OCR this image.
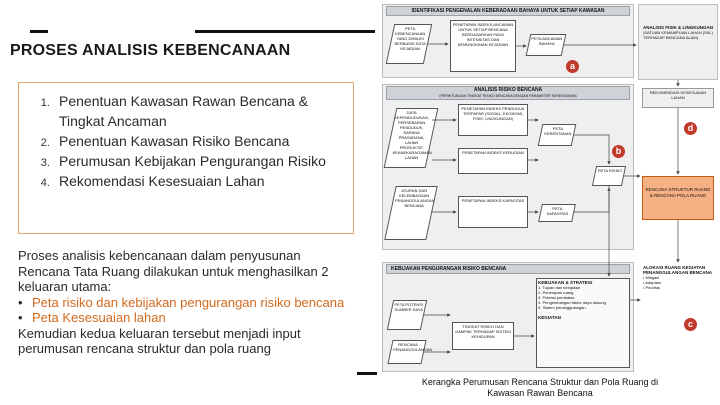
PROSES ANALISIS KEBENCANAAN
1. Penentuan Kawasan Rawan Bencana & Tingkat Ancaman
2. Penentuan Kawasan Risiko Bencana
3. Perumusan Kebijakan Pengurangan Risiko
4. Rekomendasi Kesesuaian Lahan
Proses analisis kebencanaan dalam penyusunan Rencana Tata Ruang dilakukan untuk menghasilkan 2 keluaran utama:
• Peta risiko dan kebijakan pengurangan risiko bencana
• Peta Kesesuaian lahan
Kemudian kedua keluaran tersebut menjadi input perumusan rencana struktur dan pola ruang
IDENTIFIKASI PENGENALAN KEBERADAAN BAHAYA UNTUK SETIAP KAWASAN
PETA KEBENCANAAN YANG DIMILIKI BERBASIS DATA KEJADIAN
PENETAPAN INDEKS ANCAMAN UNTUK SETIAP BENCANA BERDASARKAN PADA INTENSITAS DAN KEMUNGKINAN KEJADIAN
PETA ANCAMAN BAHAYA
ANALISIS FISIK & LINGKUNGAN
(SATUAN KEMAMPUAN LAHAN (SKL) TERHADAP BENCANA ALAM)
ANALISIS RISIKO BENCANA
(PERHITUNGAN TINGKAT RISIKO BENCANA DENGAN PARAMETER KERENTANAN)
DATA KEPENDUDUKAN, PERSEBARAN PENDUDUK, SARANA PRASARANA, LAHAN PRODUKTIF, KEANEKARAGAMAN LAHAN
PENETAPAN INDEKS PENDUDUK TERPAPAR (SOSIAL, EKONOMI, FISIK, LINGKUNGAN)
PENETAPAN INDEKS KERUGIAN
PETA KERENTANAN
PETA RISIKO
ATURAN DAN KELEMBAGAAN PENANGGULANGAN BENCANA
PENETAPAN INDEKS KAPASITAS
PETA KAPASITAS
REKOMENDASI KESESUAIAN LAHAN
RENCANA STRUKTUR RUANG & RENCANA POLA RUANG
KEBIJAKAN PENGURANGAN RISIKO BENCANA
PETA POTENSI SUMBER DAYA
RENCANA PENANGGULANGAN
TINGKAT RISIKO DAN DAMPAK TERHADAP SISTEM KEHIDUPAN
KEBIJAKAN & STRATEGI
1. Tujuan dan kebijakan
2. Penerapan ruang
3. Potensi pembatas
4. Pengembangan faktor daya dukung
5. Sistem penanggulangan

KEGIATAN
ALOKASI RUANG KEGIATAN PENANGGULANGAN BENCANA
• Mitigasi
• Adaptasi
• Prioritas
a
b
c
d
Kerangka Perumusan Rencana Struktur dan Pola Ruang di Kawasan Rawan Bencana
